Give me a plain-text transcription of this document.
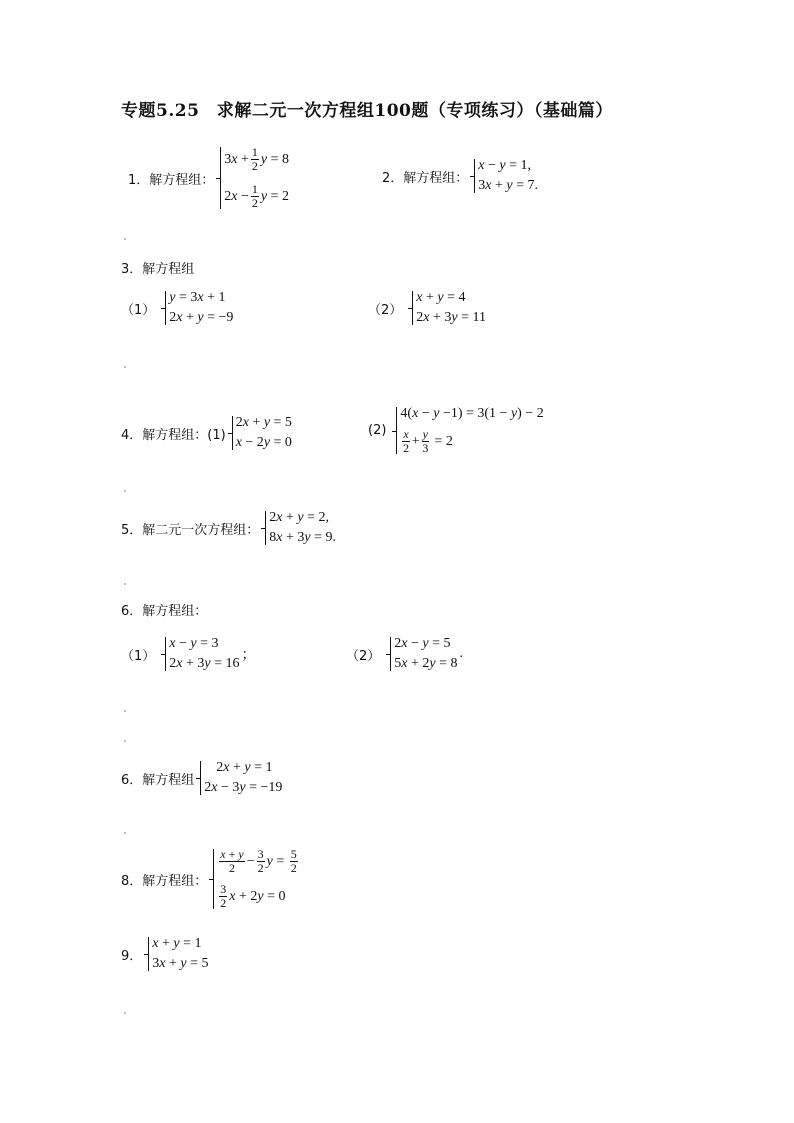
专题5.25　求解二元一次方程组100题（专项练习）（基础篇）
1．解方程组：
3 $x + \frac{1}{2}$ y = 8
2 $x - \frac{1}{2}$ y = 2
2．解方程组：
x − y = 1,
3 x + y = 7.
3．解方程组
（1）
y = 3 x + 1
2 x + y = −9	（2）
x + y = 4
2 x + 3 y = 11
4．解方程组：(1)
2 x + y = 5
x − 2 y = 0
(2)
4( x − y −1) = 3(1 − y ) − 2
$\frac{x}{2} + \frac{y}{3} = 2$
5．解二元一次方程组：
2 x + y = 2,
8 x + 3 y = 9.
6．解方程组：
（1）
x − y = 3
2 x + 3 y = 16
；	（2）
2 x − y = 5
5 x + 2 y = 8
.
6．解方程组
2 x + y = 1
2 x − 3 y = −19
8．解方程组：
$\frac{x + y}{2} - \frac{3}{2}$ $y = \frac{5}{2}$
$\frac{3}{2}$ x + 2 y = 0
9．
x + y = 1
3 x + y = 5
